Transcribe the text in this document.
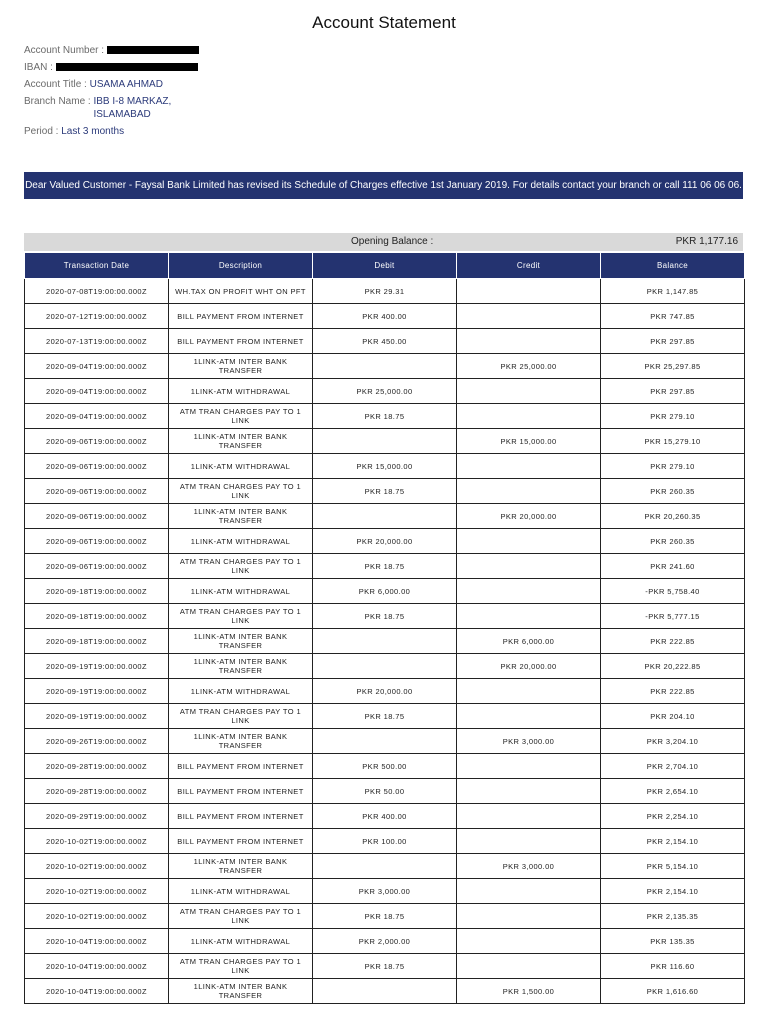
Account Statement
Account Number :
IBAN :
Account Title : USAMA AHMAD
Branch Name : IBB I-8 MARKAZ, ISLAMABAD
Period : Last 3 months
Dear Valued Customer - Faysal Bank Limited has revised its Schedule of Charges effective 1st January 2019. For details contact your branch or call 111 06 06 06.
Opening Balance :	PKR 1,177.16
Transaction Date	Description	Debit	Credit	Balance
2020-07-08T19:00:00.000Z	WH.TAX ON PROFIT WHT ON PFT	PKR 29.31		PKR 1,147.85
2020-07-12T19:00:00.000Z	BILL PAYMENT FROM INTERNET	PKR 400.00		PKR 747.85
2020-07-13T19:00:00.000Z	BILL PAYMENT FROM INTERNET	PKR 450.00		PKR 297.85
2020-09-04T19:00:00.000Z	1LINK-ATM INTER BANK TRANSFER		PKR 25,000.00	PKR 25,297.85
2020-09-04T19:00:00.000Z	1LINK-ATM WITHDRAWAL	PKR 25,000.00		PKR 297.85
2020-09-04T19:00:00.000Z	ATM TRAN CHARGES PAY TO 1 LINK	PKR 18.75		PKR 279.10
2020-09-06T19:00:00.000Z	1LINK-ATM INTER BANK TRANSFER		PKR 15,000.00	PKR 15,279.10
2020-09-06T19:00:00.000Z	1LINK-ATM WITHDRAWAL	PKR 15,000.00		PKR 279.10
2020-09-06T19:00:00.000Z	ATM TRAN CHARGES PAY TO 1 LINK	PKR 18.75		PKR 260.35
2020-09-06T19:00:00.000Z	1LINK-ATM INTER BANK TRANSFER		PKR 20,000.00	PKR 20,260.35
2020-09-06T19:00:00.000Z	1LINK-ATM WITHDRAWAL	PKR 20,000.00		PKR 260.35
2020-09-06T19:00:00.000Z	ATM TRAN CHARGES PAY TO 1 LINK	PKR 18.75		PKR 241.60
2020-09-18T19:00:00.000Z	1LINK-ATM WITHDRAWAL	PKR 6,000.00		-PKR 5,758.40
2020-09-18T19:00:00.000Z	ATM TRAN CHARGES PAY TO 1 LINK	PKR 18.75		-PKR 5,777.15
2020-09-18T19:00:00.000Z	1LINK-ATM INTER BANK TRANSFER		PKR 6,000.00	PKR 222.85
2020-09-19T19:00:00.000Z	1LINK-ATM INTER BANK TRANSFER		PKR 20,000.00	PKR 20,222.85
2020-09-19T19:00:00.000Z	1LINK-ATM WITHDRAWAL	PKR 20,000.00		PKR 222.85
2020-09-19T19:00:00.000Z	ATM TRAN CHARGES PAY TO 1 LINK	PKR 18.75		PKR 204.10
2020-09-26T19:00:00.000Z	1LINK-ATM INTER BANK TRANSFER		PKR 3,000.00	PKR 3,204.10
2020-09-28T19:00:00.000Z	BILL PAYMENT FROM INTERNET	PKR 500.00		PKR 2,704.10
2020-09-28T19:00:00.000Z	BILL PAYMENT FROM INTERNET	PKR 50.00		PKR 2,654.10
2020-09-29T19:00:00.000Z	BILL PAYMENT FROM INTERNET	PKR 400.00		PKR 2,254.10
2020-10-02T19:00:00.000Z	BILL PAYMENT FROM INTERNET	PKR 100.00		PKR 2,154.10
2020-10-02T19:00:00.000Z	1LINK-ATM INTER BANK TRANSFER		PKR 3,000.00	PKR 5,154.10
2020-10-02T19:00:00.000Z	1LINK-ATM WITHDRAWAL	PKR 3,000.00		PKR 2,154.10
2020-10-02T19:00:00.000Z	ATM TRAN CHARGES PAY TO 1 LINK	PKR 18.75		PKR 2,135.35
2020-10-04T19:00:00.000Z	1LINK-ATM WITHDRAWAL	PKR 2,000.00		PKR 135.35
2020-10-04T19:00:00.000Z	ATM TRAN CHARGES PAY TO 1 LINK	PKR 18.75		PKR 116.60
2020-10-04T19:00:00.000Z	1LINK-ATM INTER BANK TRANSFER		PKR 1,500.00	PKR 1,616.60
